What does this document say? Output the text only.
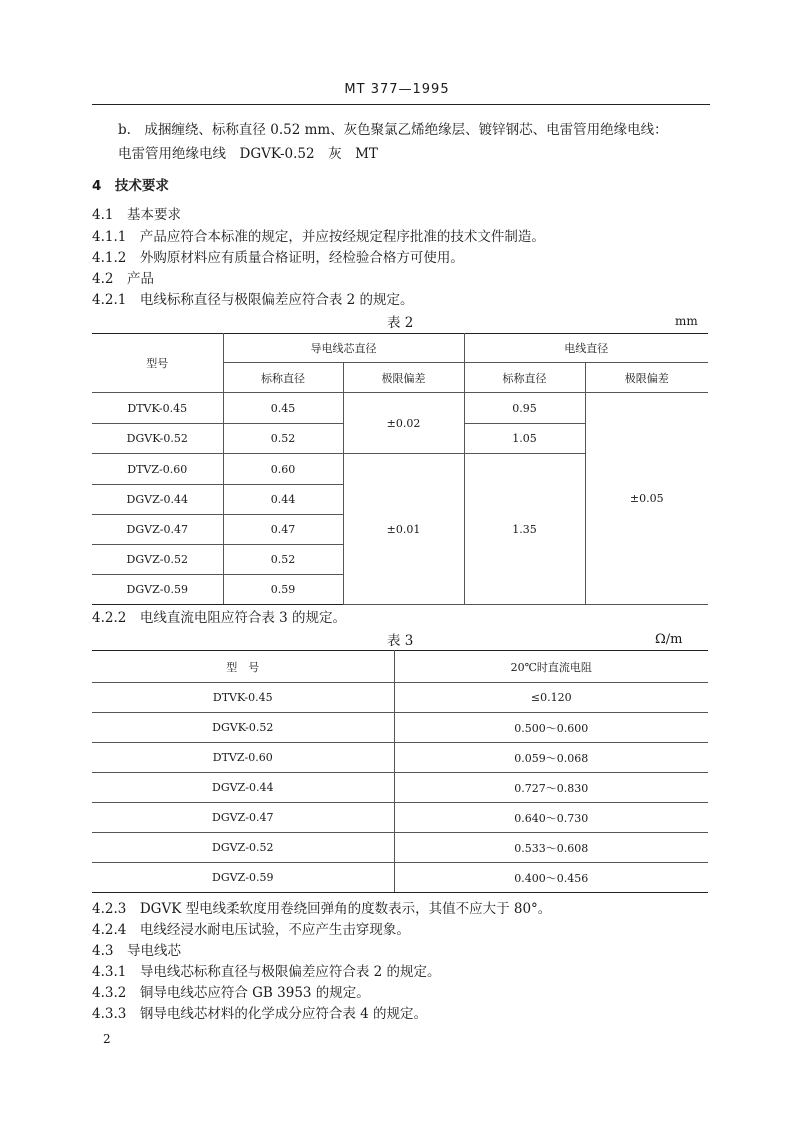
MT 377—1995
b.　成捆缠绕、标称直径 0.52 mm、灰色聚氯乙烯绝缘层、镀锌钢芯、电雷管用绝缘电线：
电雷管用绝缘电线　DGVK-0.52　灰　MT
4　技术要求
4.1　基本要求
4.1.1　产品应符合本标准的规定，并应按经规定程序批准的技术文件制造。
4.1.2　外购原材料应有质量合格证明，经检验合格方可使用。
4.2　产品
4.2.1　电线标称直径与极限偏差应符合表 2 的规定。
表 2	mm
型号	导电线芯直径		电线直径	
	标称直径	极限偏差	标称直径	极限偏差
DTVK-0.45	0.45	±0.02	0.95	±0.05
DGVK-0.52	0.52		1.05	
DTVZ-0.60	0.60	±0.01	1.35	
DGVZ-0.44	0.44			
DGVZ-0.47	0.47			
DGVZ-0.52	0.52			
DGVZ-0.59	0.59			
4.2.2　电线直流电阻应符合表 3 的规定。
表 3	Ω/m
型　号	20℃时直流电阻
DTVK-0.45	≤0.120
DGVK-0.52	0.500～0.600
DTVZ-0.60	0.059～0.068
DGVZ-0.44	0.727～0.830
DGVZ-0.47	0.640～0.730
DGVZ-0.52	0.533～0.608
DGVZ-0.59	0.400～0.456
4.2.3　DGVK 型电线柔软度用卷绕回弹角的度数表示，其值不应大于 80°。
4.2.4　电线经浸水耐电压试验，不应产生击穿现象。
4.3　导电线芯
4.3.1　导电线芯标称直径与极限偏差应符合表 2 的规定。
4.3.2　铜导电线芯应符合 GB 3953 的规定。
4.3.3　钢导电线芯材料的化学成分应符合表 4 的规定。
2
